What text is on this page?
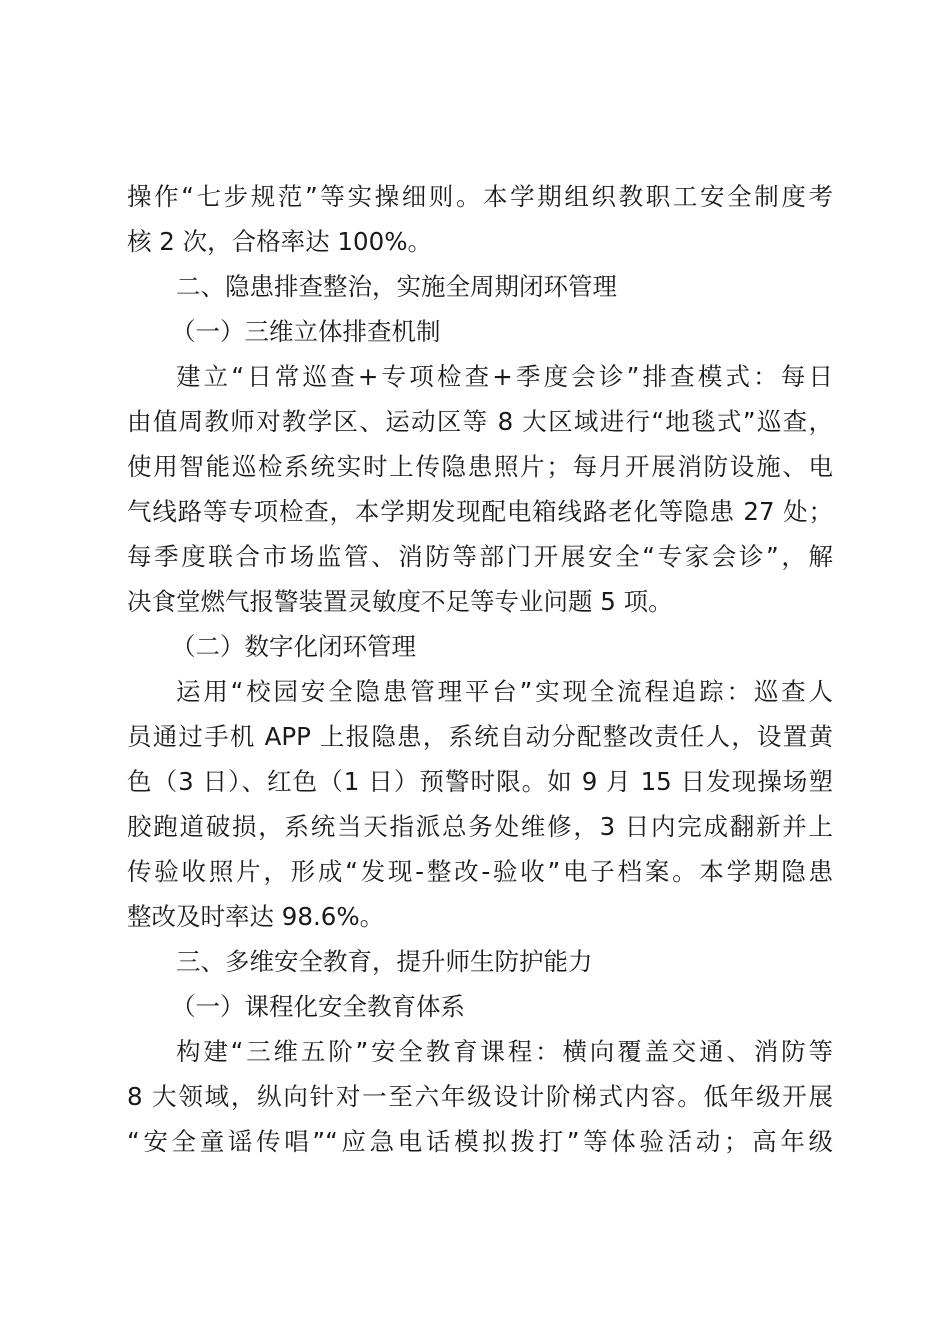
操作“七步规范”等实操细则。本学期组织教职工安全制度考
核 2 次，合格率达 100%。
二、隐患排查整治，实施全周期闭环管理
（一）三维立体排查机制
建立“日常巡查+专项检查+季度会诊”排查模式：每日
由值周教师对教学区、运动区等 8 大区域进行“地毯式”巡查，
使用智能巡检系统实时上传隐患照片；每月开展消防设施、电
气线路等专项检查，本学期发现配电箱线路老化等隐患 27 处；
每季度联合市场监管、消防等部门开展安全“专家会诊”，解
决食堂燃气报警装置灵敏度不足等专业问题 5 项。
（二）数字化闭环管理
运用“校园安全隐患管理平台”实现全流程追踪：巡查人
员通过手机 APP 上报隐患，系统自动分配整改责任人，设置黄
色（3 日）、红色（1 日）预警时限。如 9 月 15 日发现操场塑
胶跑道破损，系统当天指派总务处维修，3 日内完成翻新并上
传验收照片，形成“发现-整改-验收”电子档案。本学期隐患
整改及时率达 98.6%。
三、多维安全教育，提升师生防护能力
（一）课程化安全教育体系
构建“三维五阶”安全教育课程：横向覆盖交通、消防等
8 大领域，纵向针对一至六年级设计阶梯式内容。低年级开展
“安全童谣传唱”“应急电话模拟拨打”等体验活动；高年级
